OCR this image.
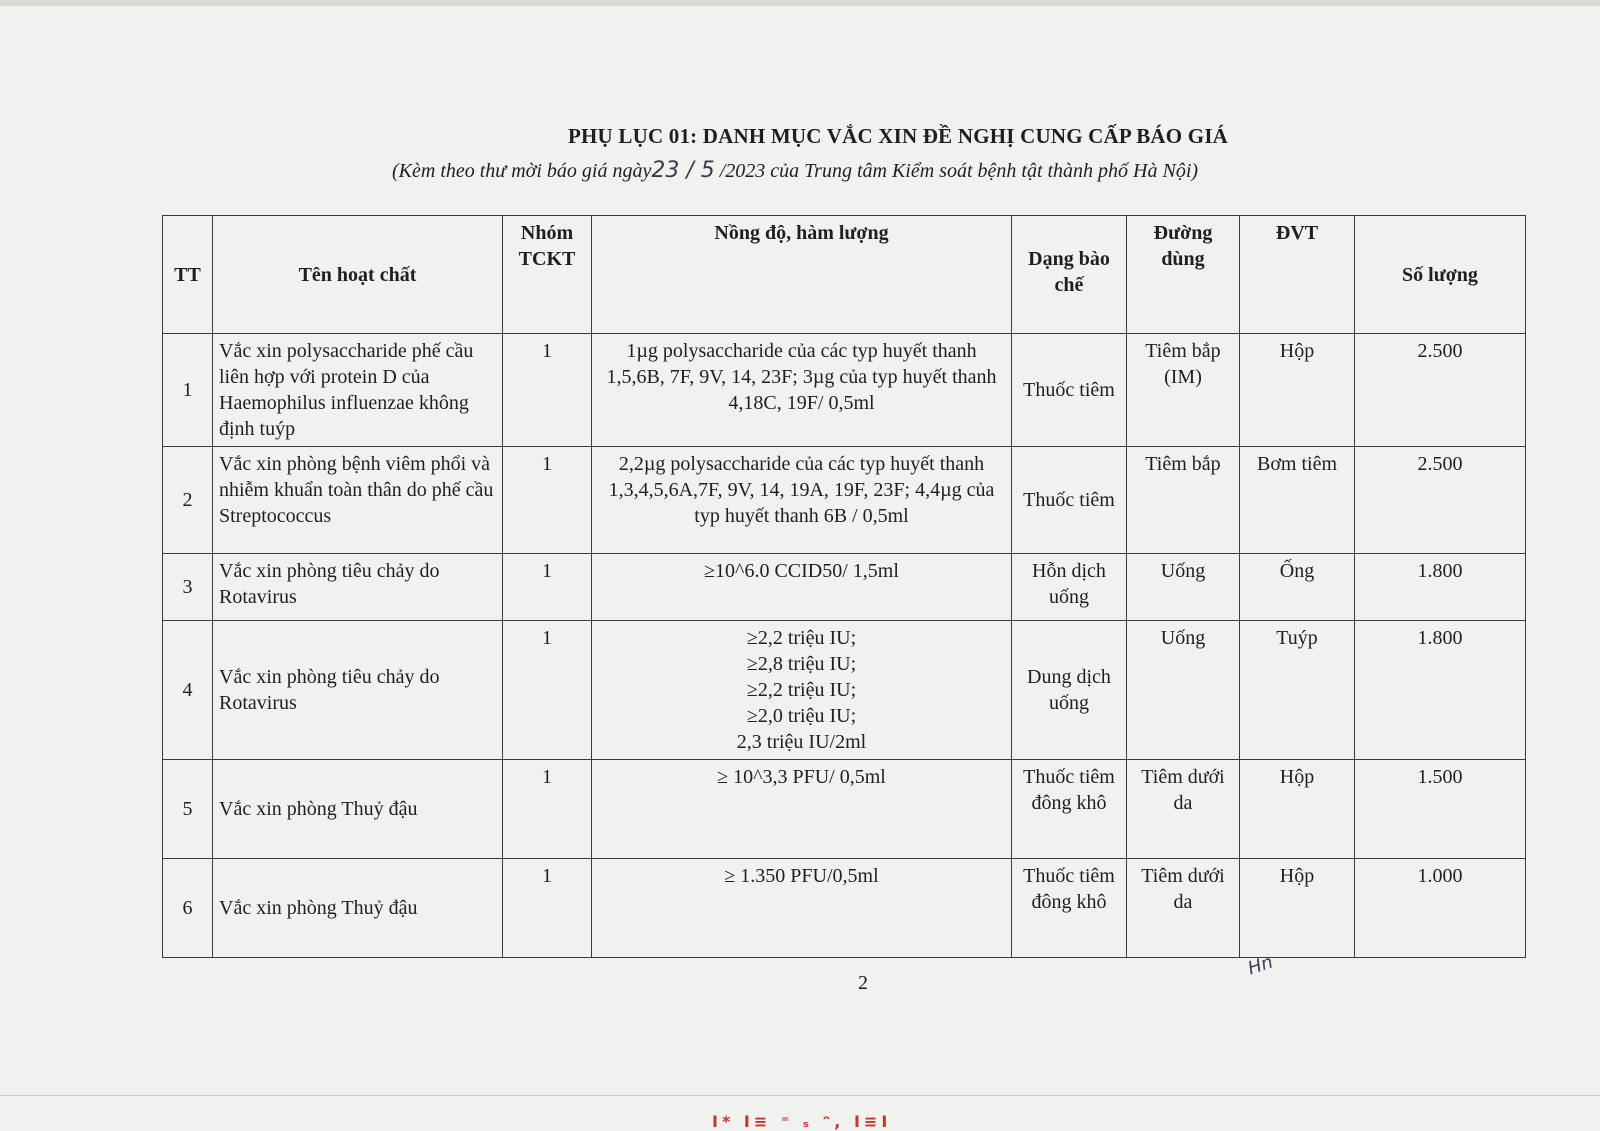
PHỤ LỤC 01: DANH MỤC VẮC XIN ĐỀ NGHỊ CUNG CẤP BÁO GIÁ
(Kèm theo thư mời báo giá ngày23 / 5 /2023 của Trung tâm Kiểm soát bệnh tật thành phố Hà Nội)
TT	Tên hoạt chất	Nhóm TCKT	Nồng độ, hàm lượng	Dạng bào chế	Đường dùng	ĐVT	Số lượng
1	Vắc xin polysaccharide phế cầu liên hợp với protein D của Haemophilus influenzae không định tuýp	1	1µg polysaccharide của các typ huyết thanh 1,5,6B, 7F, 9V, 14, 23F; 3µg của typ huyết thanh 4,18C, 19F/ 0,5ml	Thuốc tiêm	Tiêm bắp (IM)	Hộp	2.500
2	Vắc xin phòng bệnh viêm phổi và nhiễm khuẩn toàn thân do phế cầu Streptococcus	1	2,2µg polysaccharide của các typ huyết thanh 1,3,4,5,6A,7F, 9V, 14, 19A, 19F, 23F; 4,4µg của typ huyết thanh 6B / 0,5ml	Thuốc tiêm	Tiêm bắp	Bơm tiêm	2.500
3	Vắc xin phòng tiêu chảy do Rotavirus	1	≥10^6.0 CCID50/ 1,5ml	Hỗn dịch uống	Uống	Ống	1.800
4	Vắc xin phòng tiêu chảy do Rotavirus	1	≥2,2 triệu IU;
≥2,8 triệu IU;
≥2,2 triệu IU;
≥2,0 triệu IU;
2,3 triệu IU/2ml	Dung dịch uống	Uống	Tuýp	1.800
5	Vắc xin phòng Thuỷ đậu	1	≥ 10^3,3 PFU/ 0,5ml	Thuốc tiêm đông khô	Tiêm dưới da	Hộp	1.500
6	Vắc xin phòng Thuỷ đậu	1	≥ 1.350 PFU/0,5ml	Thuốc tiêm đông khô	Tiêm dưới da	Hộp	1.000
2
Hn
I* I≡ ⁼ ₛ ᵔ, I≡I
